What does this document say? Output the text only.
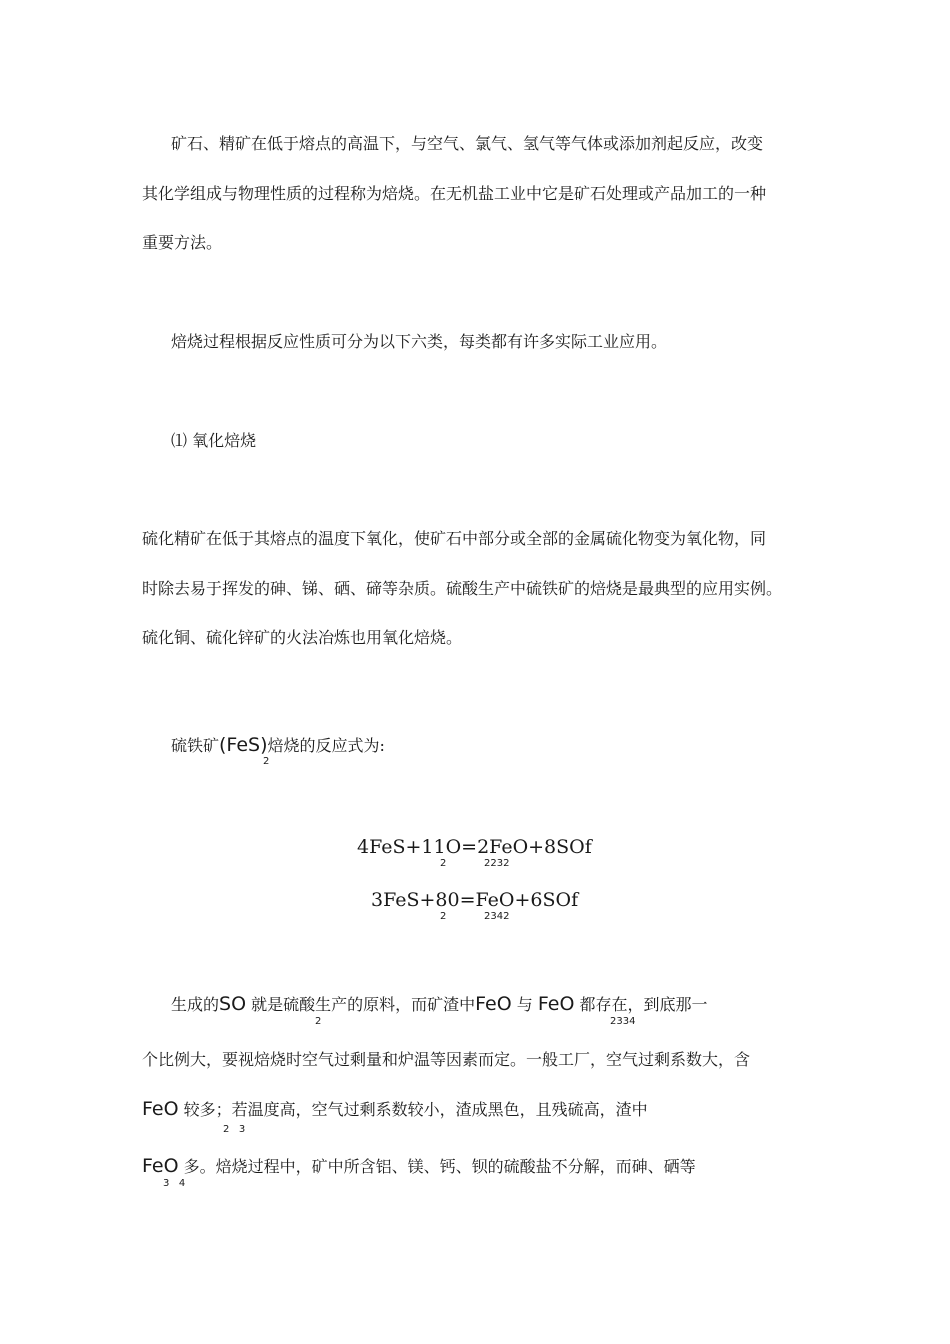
矿石、精矿在低于熔点的高温下，与空气、氯气、氢气等气体或添加剂起反应，改变
其化学组成与物理性质的过程称为焙烧。在无机盐工业中它是矿石处理或产品加工的一种
重要方法。
焙烧过程根据反应性质可分为以下六类，每类都有许多实际工业应用。
⑴ 氧化焙烧
硫化精矿在低于其熔点的温度下氧化，使矿石中部分或全部的金属硫化物变为氧化物，同
时除去易于挥发的砷、锑、硒、碲等杂质。硫酸生产中硫铁矿的焙烧是最典型的应用实例。
硫化铜、硫化锌矿的火法冶炼也用氧化焙烧。
硫铁矿(FeS)焙烧的反应式为:
2
4FeS+11O=2FeO+8SOf
2	2232
3FeS+80=FeO+6SOf
2	2342
生成的SO 就是硫酸生产的原料，而矿渣中FeO 与 FeO 都存在，到底那一
2	2334
个比例大，要视焙烧时空气过剩量和炉温等因素而定。一般工厂，空气过剩系数大，含
FeO 较多；若温度高，空气过剩系数较小，渣成黑色，且残硫高，渣中
2   3
FeO 多。焙烧过程中，矿中所含铝、镁、钙、钡的硫酸盐不分解，而砷、硒等
3   4
